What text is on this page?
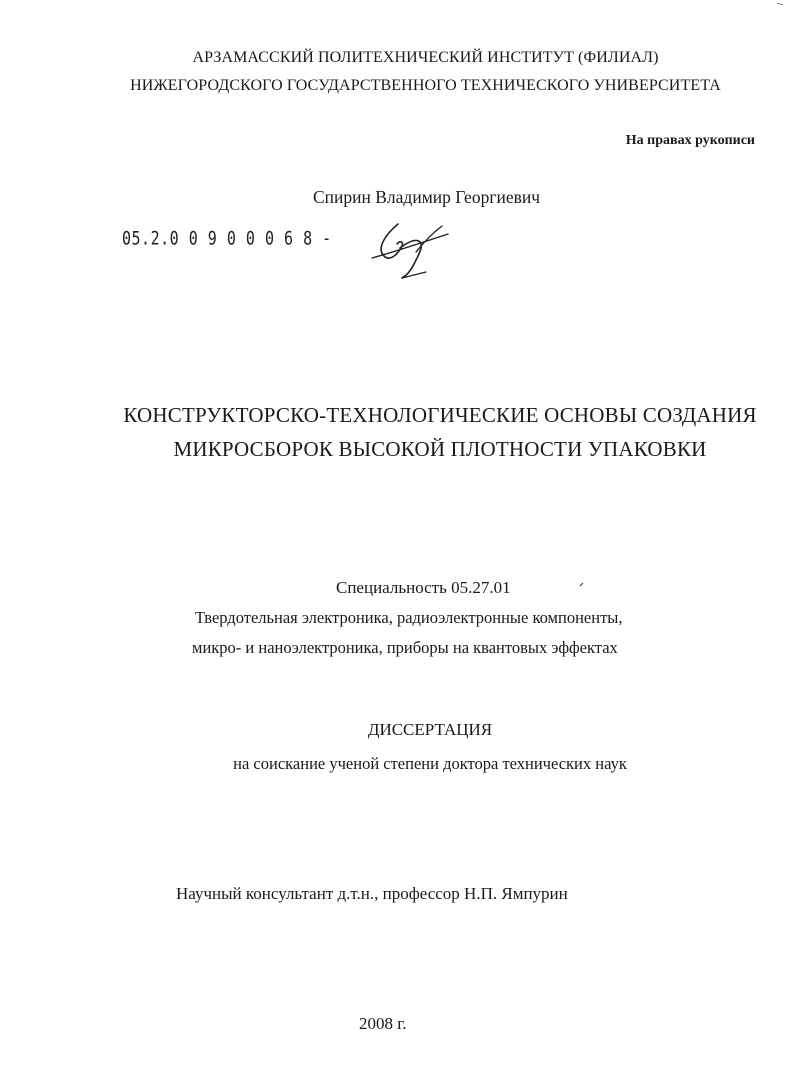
АРЗАМАССКИЙ ПОЛИТЕХНИЧЕСКИЙ ИНСТИТУТ (ФИЛИАЛ)
НИЖЕГОРОДСКОГО ГОСУДАРСТВЕННОГО ТЕХНИЧЕСКОГО УНИВЕРСИТЕТА
На правах рукописи
Спирин Владимир Георгиевич
05.2.0 0 9 0 0 0 6 8 -
КОНСТРУКТОРСКО-ТЕХНОЛОГИЧЕСКИЕ ОСНОВЫ СОЗДАНИЯ
МИКРОСБОРОК ВЫСОКОЙ ПЛОТНОСТИ УПАКОВКИ
Специальность 05.27.01
Твердотельная электроника, радиоэлектронные компоненты,
микро- и наноэлектроника, приборы на квантовых эффектах
ДИССЕРТАЦИЯ
на соискание ученой степени доктора технических наук
Научный консультант д.т.н., профессор Н.П. Ямпурин
2008 г.
